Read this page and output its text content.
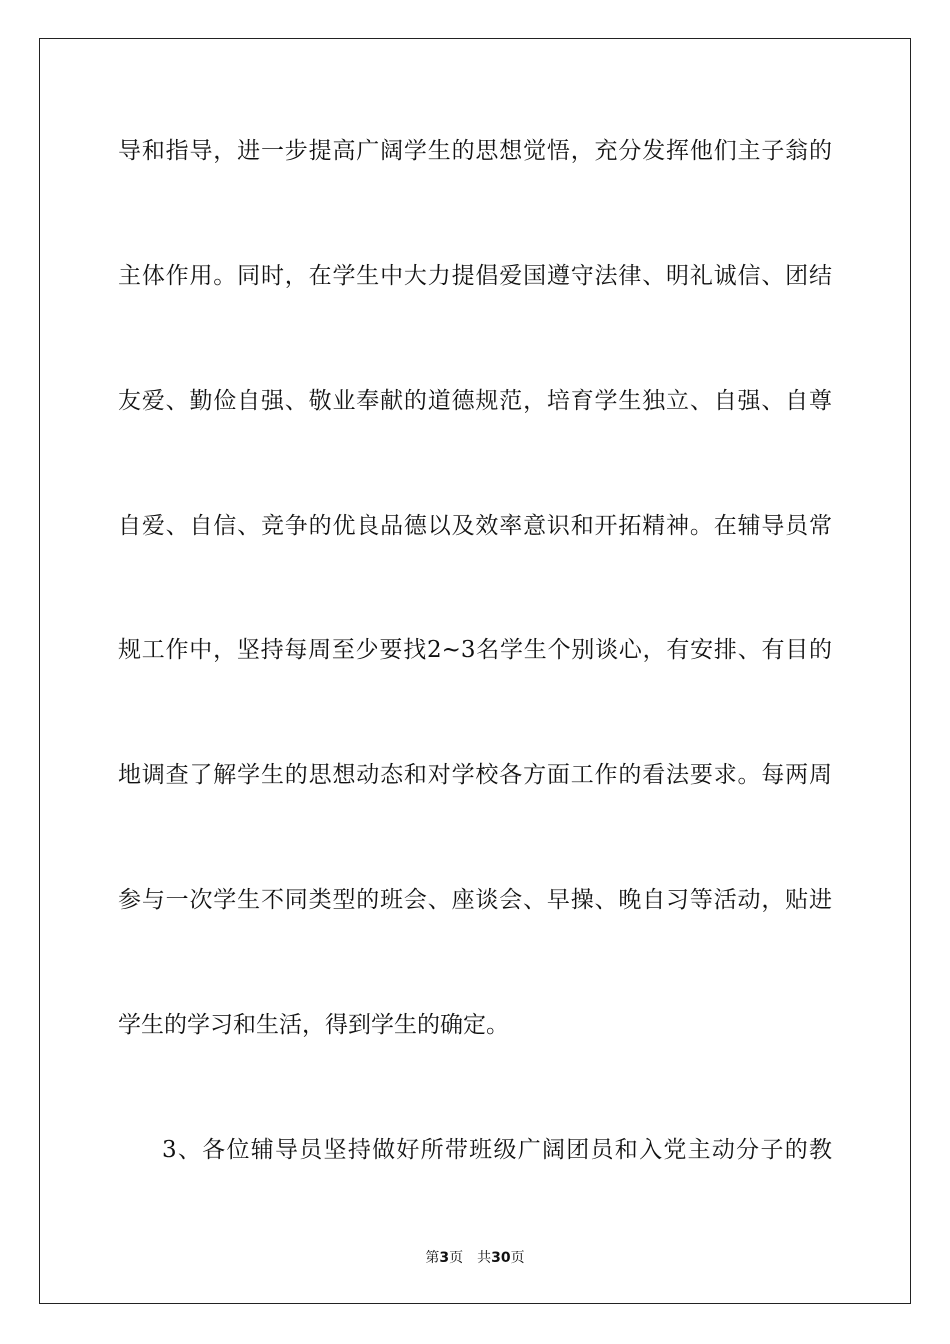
导和指导，进一步提高广阔学生的思想觉悟，充分发挥他们主子翁的
主体作用。同时，在学生中大力提倡爱国遵守法律、明礼诚信、团结
友爱、勤俭自强、敬业奉献的道德规范，培育学生独立、自强、自尊
自爱、自信、竞争的优良品德以及效率意识和开拓精神。在辅导员常
规工作中，坚持每周至少要找2~3名学生个别谈心，有安排、有目的
地调查了解学生的思想动态和对学校各方面工作的看法要求。每两周
参与一次学生不同类型的班会、座谈会、早操、晚自习等活动，贴进
学生的学习和生活，得到学生的确定。
3、各位辅导员坚持做好所带班级广阔团员和入党主动分子的教
第3页 共30页
